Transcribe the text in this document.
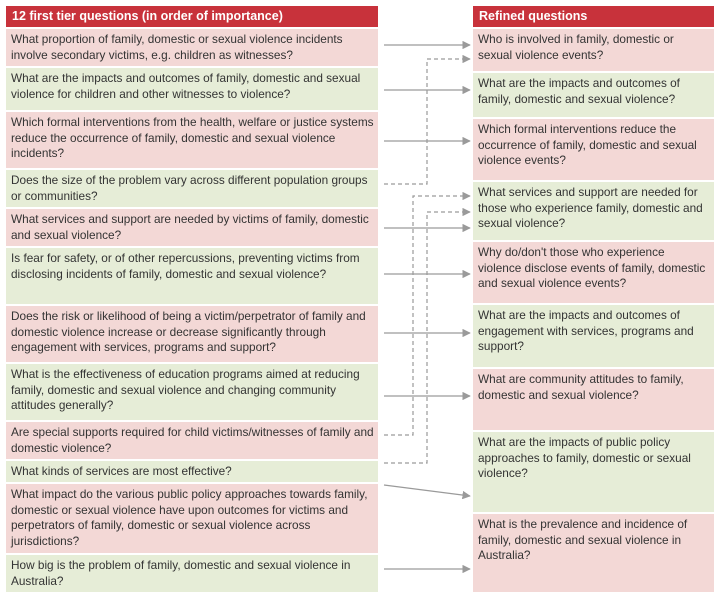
12 first tier questions (in order of importance)
What proportion of family, domestic or sexual violence incidents involve secondary victims, e.g. children as witnesses?
What are the impacts and outcomes of family, domestic and sexual violence for children and other witnesses to violence?
Which formal interventions from the health, welfare or justice systems reduce the occurrence of family, domestic and sexual violence incidents?
Does the size of the problem vary across different population groups or communities?
What services and support are needed by victims of family, domestic and sexual violence?
Is fear for safety, or of other repercussions, preventing victims from disclosing incidents of family, domestic and sexual violence?
Does the risk or likelihood of being a victim/perpetrator of family and domestic violence increase or decrease significantly through engagement with services, programs and support?
What is the effectiveness of education programs aimed at reducing family, domestic and sexual violence and changing community attitudes generally?
Are special supports required for child victims/witnesses of family and domestic violence?
What kinds of services are most effective?
What impact do the various public policy approaches towards family, domestic or sexual violence have upon outcomes for victims and perpetrators of family, domestic or sexual violence across jurisdictions?
How big is the problem of family, domestic and sexual violence in Australia?
Refined questions
Who is involved in family, domestic or sexual violence events?
What are the impacts and outcomes of family, domestic and sexual violence?
Which formal interventions reduce the occurrence of family, domestic and sexual violence events?
What services and support are needed for those who experience family, domestic and sexual violence?
Why do/don't those who experience violence disclose events of family, domestic and sexual violence events?
What are the impacts and outcomes of engagement with services, programs and support?
What are community attitudes to family, domestic and sexual violence?
What are the impacts of public policy approaches to family, domestic or sexual violence?
What is the prevalence and incidence of family, domestic and sexual violence in Australia?
